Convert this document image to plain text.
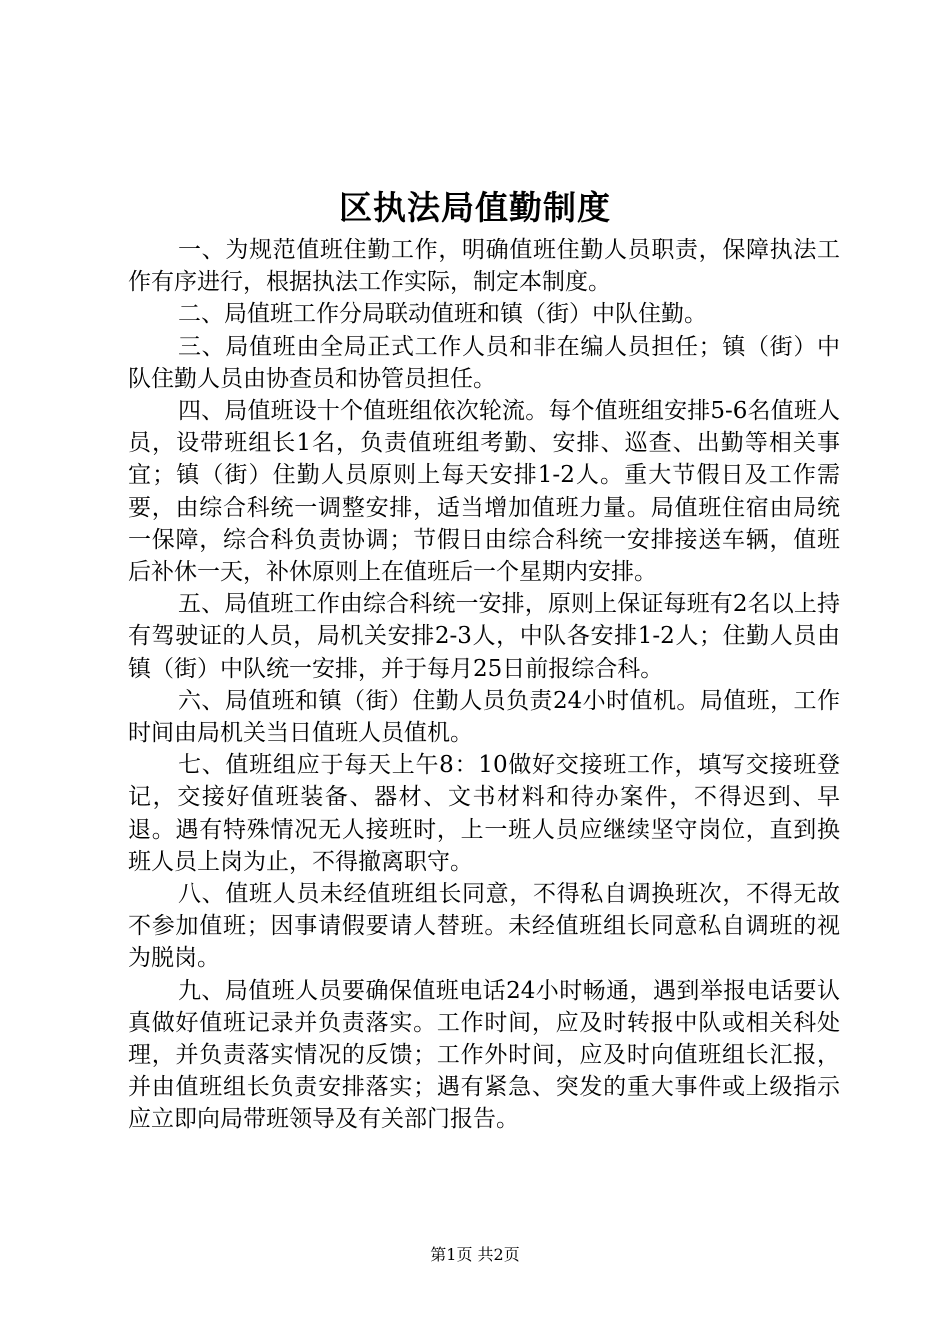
区执法局值勤制度

一、为规范值班住勤工作，明确值班住勤人员职责，保障执法工作有序进行，根据执法工作实际，制定本制度。

二、局值班工作分局联动值班和镇（街）中队住勤。

三、局值班由全局正式工作人员和非在编人员担任；镇（街）中队住勤人员由协查员和协管员担任。

四、局值班设十个值班组依次轮流。每个值班组安排5-6名值班人员，设带班组长1名，负责值班组考勤、安排、巡查、出勤等相关事宜；镇（街）住勤人员原则上每天安排1-2人。重大节假日及工作需要，由综合科统一调整安排，适当增加值班力量。局值班住宿由局统一保障，综合科负责协调；节假日由综合科统一安排接送车辆，值班后补休一天，补休原则上在值班后一个星期内安排。

五、局值班工作由综合科统一安排，原则上保证每班有2名以上持有驾驶证的人员，局机关安排2-3人，中队各安排1-2人；住勤人员由镇（街）中队统一安排，并于每月25日前报综合科。

六、局值班和镇（街）住勤人员负责24小时值机。局值班，工作时间由局机关当日值班人员值机。

七、值班组应于每天上午8：10做好交接班工作，填写交接班登记，交接好值班装备、器材、文书材料和待办案件，不得迟到、早退。遇有特殊情况无人接班时，上一班人员应继续坚守岗位，直到换班人员上岗为止，不得撤离职守。

八、值班人员未经值班组长同意，不得私自调换班次，不得无故不参加值班；因事请假要请人替班。未经值班组长同意私自调班的视为脱岗。

九、局值班人员要确保值班电话24小时畅通，遇到举报电话要认真做好值班记录并负责落实。工作时间，应及时转报中队或相关科处理，并负责落实情况的反馈；工作外时间，应及时向值班组长汇报，并由值班组长负责安排落实；遇有紧急、突发的重大事件或上级指示应立即向局带班领导及有关部门报告。

第1页 共2页
